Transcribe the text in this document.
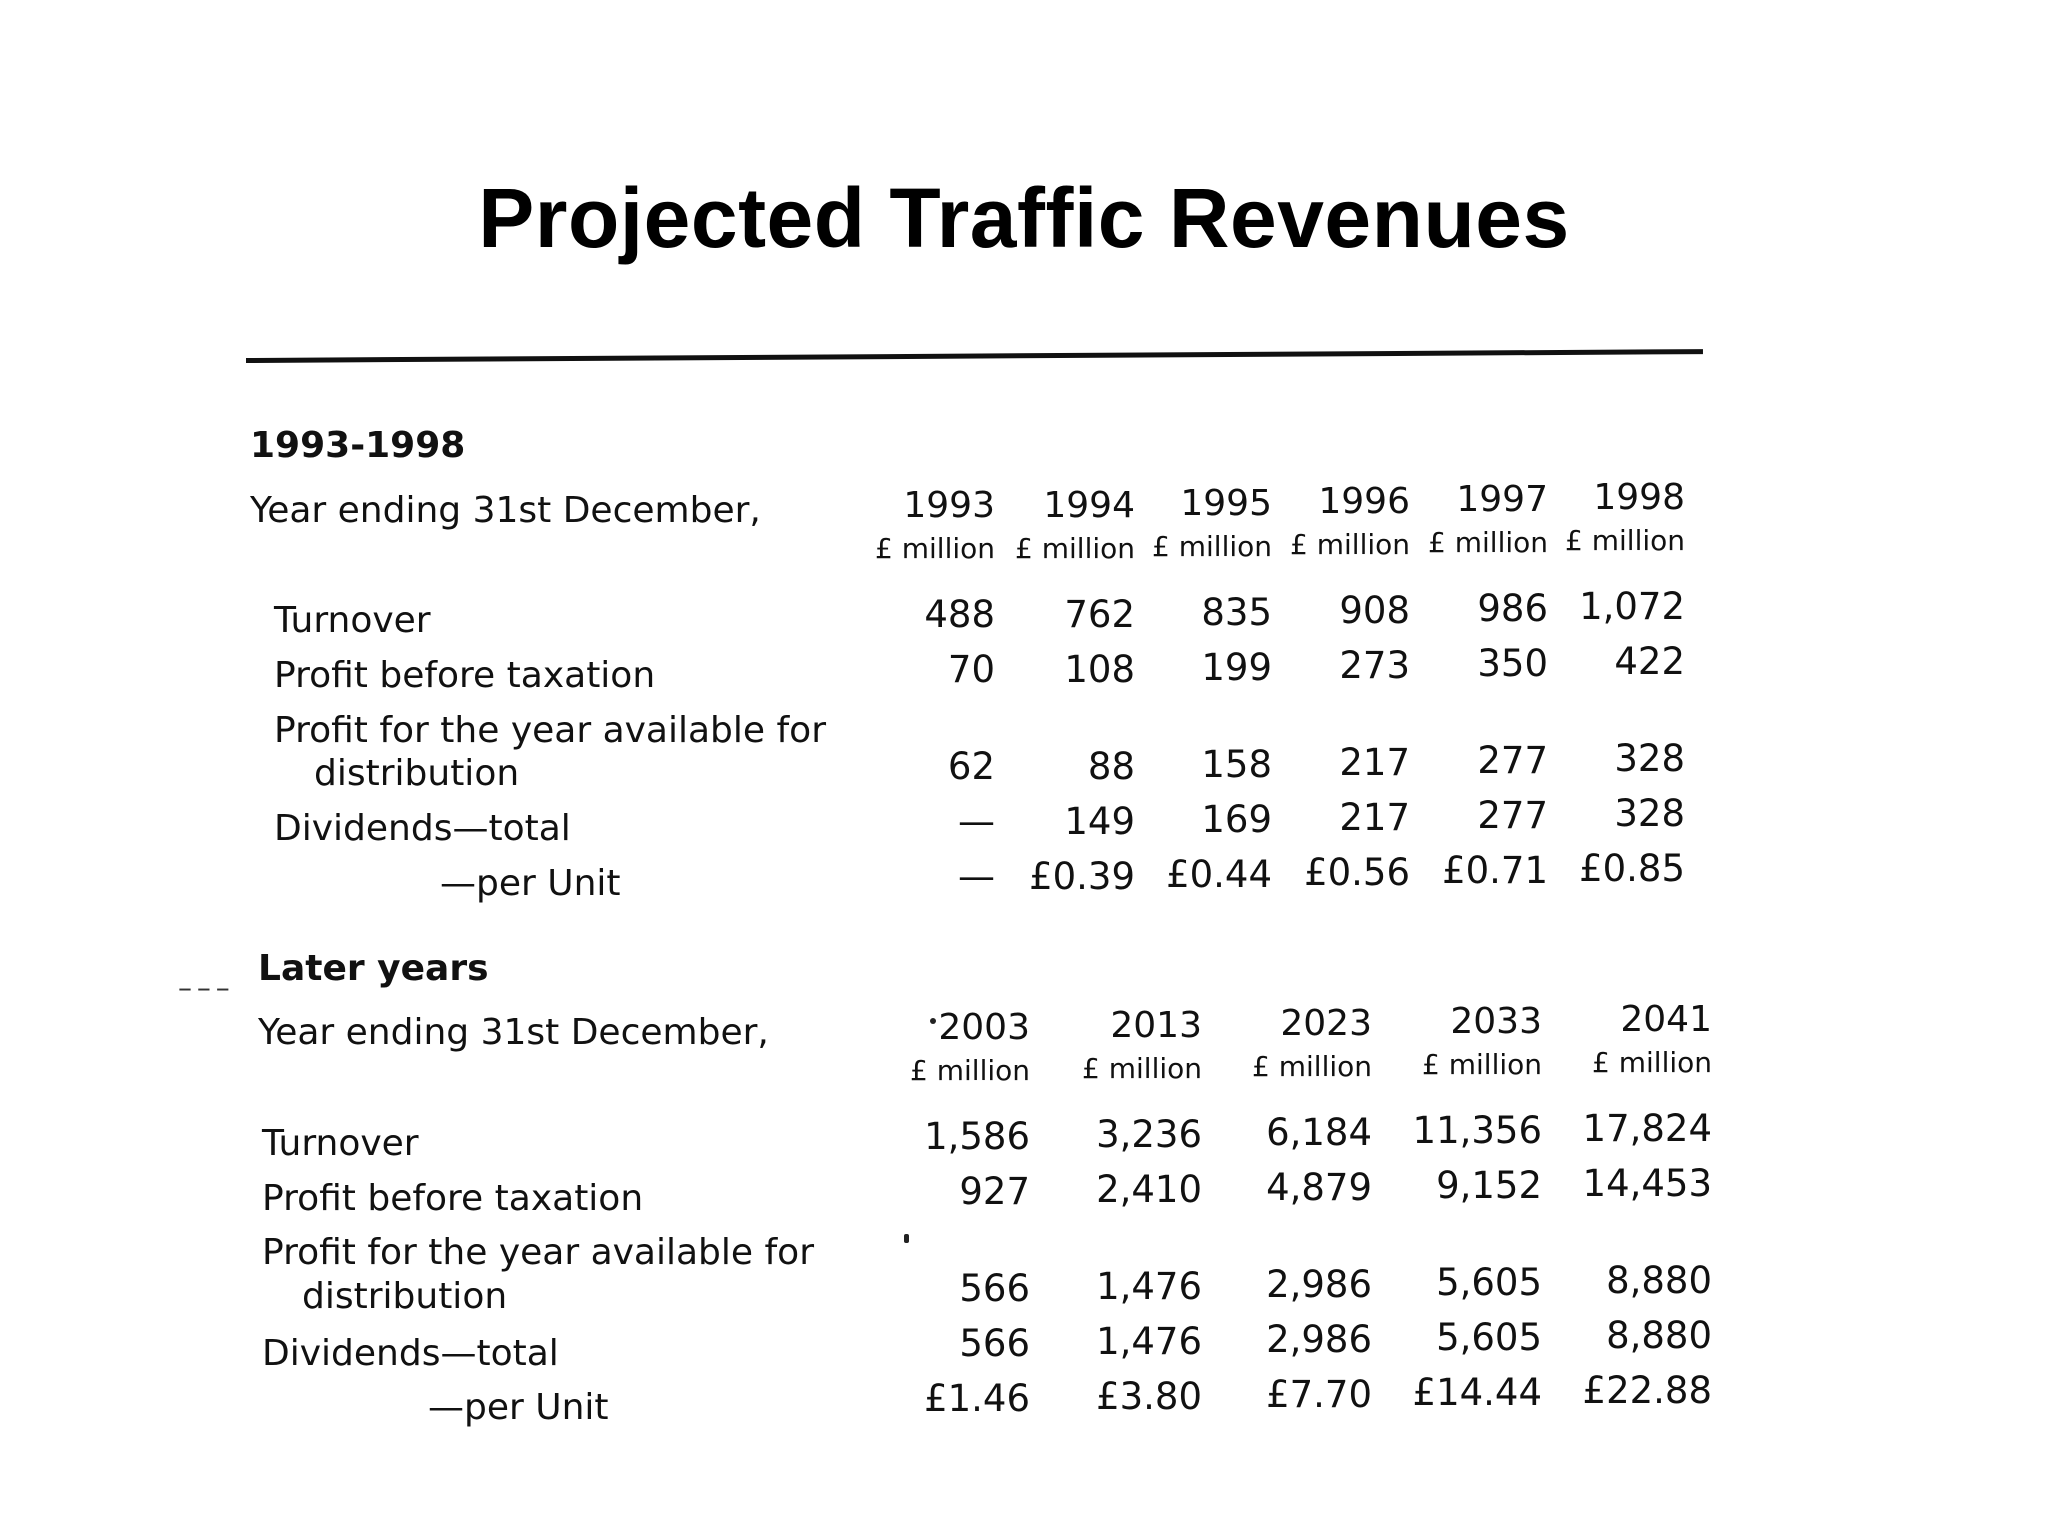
Projected Traffic Revenues
1993-1998
Year ending 31st December,
Turnover
Profit before taxation
Profit for the year available for
distribution
Dividends—total
—per Unit
1993
£ million
488
70
62
—
—
1994
£ million
762
108
88
149
£0.39
1995
£ million
835
199
158
169
£0.44
1996
£ million
908
273
217
217
£0.56
1997
£ million
986
350
277
277
£0.71
1998
£ million
1,072
422
328
328
£0.85
– – – Later years
Year ending 31st December,
Turnover
Profit before taxation
Profit for the year available for
distribution
Dividends—total
—per Unit
2003
£ million
1,586
927
566
566
£1.46
2013
£ million
3,236
2,410
1,476
1,476
£3.80
2023
£ million
6,184
4,879
2,986
2,986
£7.70
2033
£ million
11,356
9,152
5,605
5,605
£14.44
2041
£ million
17,824
14,453
8,880
8,880
£22.88
